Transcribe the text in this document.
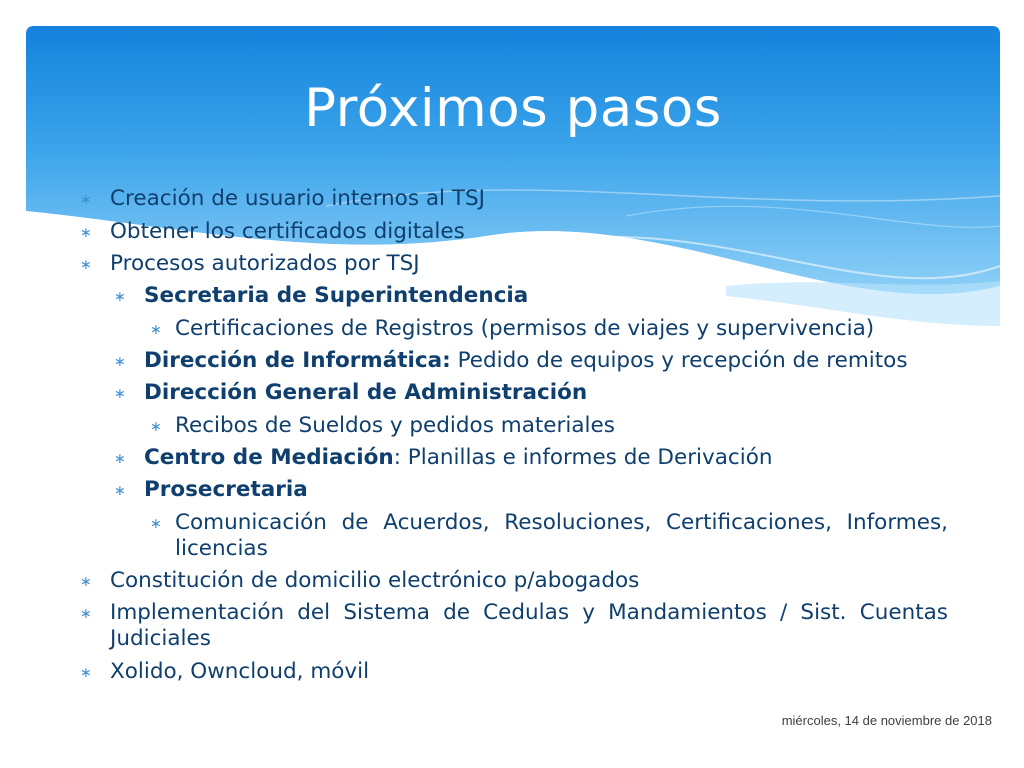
Próximos pasos
∗ Creación de usuario internos al TSJ
∗ Obtener los certificados digitales
∗ Procesos autorizados por TSJ
∗ Secretaria de Superintendencia
∗ Certificaciones de Registros (permisos de viajes y supervivencia)
∗ Dirección de Informática: Pedido de equipos y recepción de remitos
∗ Dirección General de Administración
∗ Recibos de Sueldos y pedidos materiales
∗ Centro de Mediación: Planillas e informes de Derivación
∗ Prosecretaria
∗ Comunicación de Acuerdos, Resoluciones, Certificaciones, Informes, licencias
∗ Constitución de domicilio electrónico p/abogados
∗ Implementación del Sistema de Cedulas y Mandamientos / Sist. Cuentas Judiciales
∗ Xolido, Owncloud, móvil
miércoles, 14 de noviembre de 2018
